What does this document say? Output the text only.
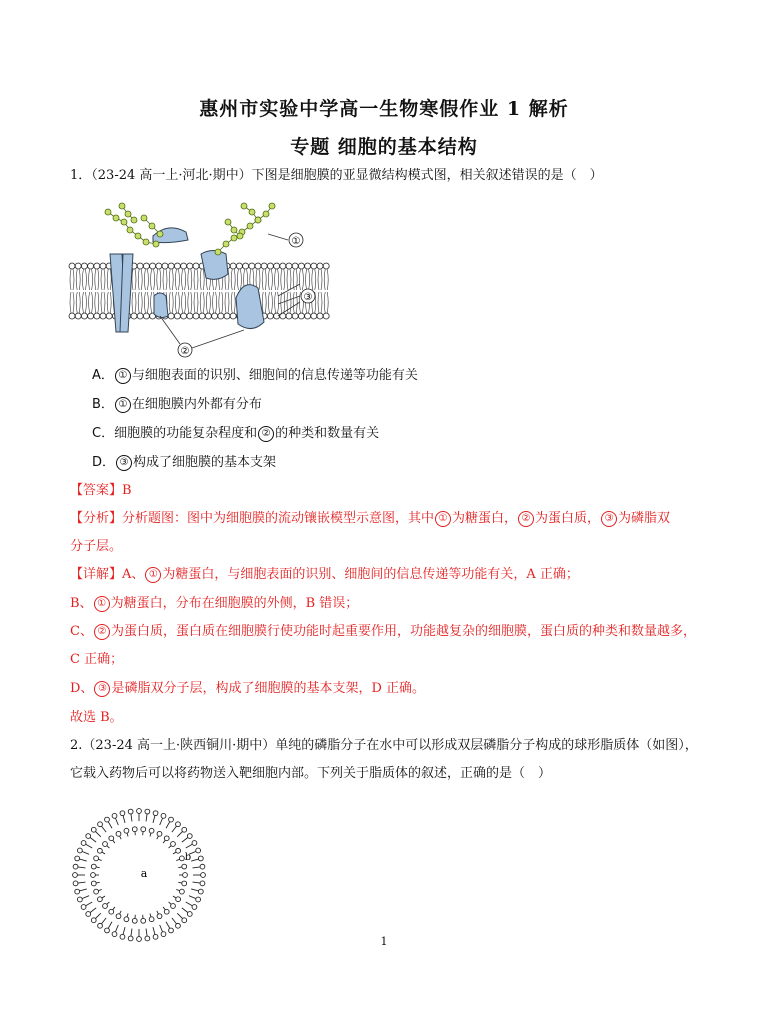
惠州市实验中学高一生物寒假作业 1 解析
专题 细胞的基本结构
1．（23-24 高一上·河北·期中）下图是细胞膜的亚显微结构模式图，相关叙述错误的是（　）
①
③
②
A． ① 与细胞表面的识别、细胞间的信息传递等功能有关
B． ① 在细胞膜内外都有分布
C．细胞膜的功能复杂程度和 ② 的种类和数量有关
D． ③ 构成了细胞膜的基本支架
【答案】B
【分析】分析题图：图中为细胞膜的流动镶嵌模型示意图，其中 ① 为糖蛋白， ② 为蛋白质， ③ 为磷脂双
分子层。
【详解】A、 ① 为糖蛋白，与细胞表面的识别、细胞间的信息传递等功能有关，A 正确；
B、 ① 为糖蛋白，分布在细胞膜的外侧，B 错误；
C、 ② 为蛋白质，蛋白质在细胞膜行使功能时起重要作用，功能越复杂的细胞膜，蛋白质的种类和数量越多，
C 正确；
D、 ③ 是磷脂双分子层，构成了细胞膜的基本支架，D 正确。
故选 B。
2.（23-24 高一上·陕西铜川·期中）单纯的磷脂分子在水中可以形成双层磷脂分子构成的球形脂质体（如图），
它载入药物后可以将药物送入靶细胞内部。下列关于脂质体的叙述，正确的是（　）
a
b
1
